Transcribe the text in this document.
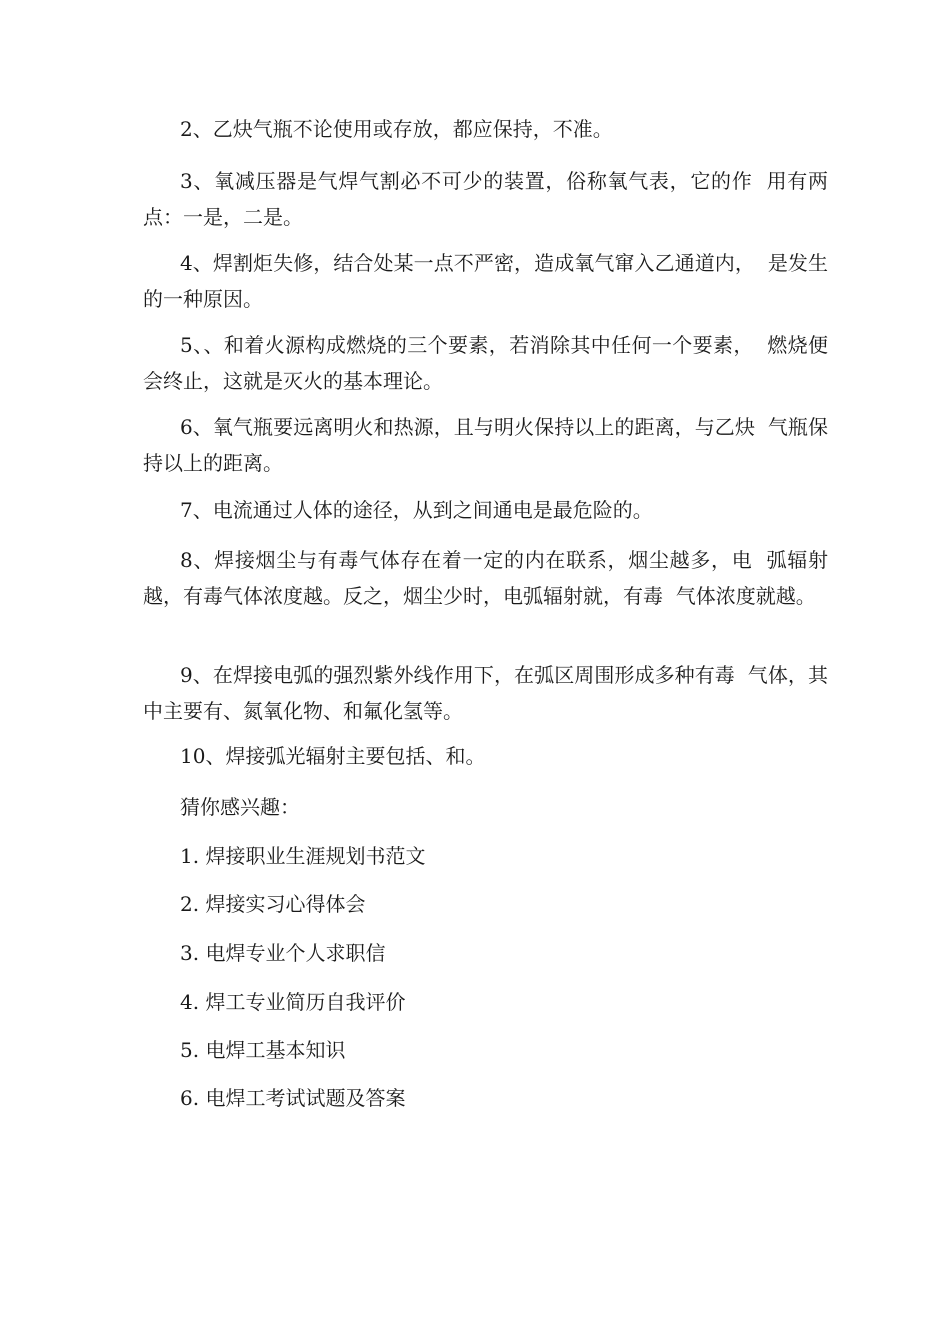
2、乙炔气瓶不论使用或存放，都应保持，不准。

3、氧减压器是气焊气割必不可少的装置，俗称氧气表，它的作  用有两点：一是，二是。

4、焊割炬失修，结合处某一点不严密，造成氧气窜入乙通道内，  是发生的一种原因。

5、、和着火源构成燃烧的三个要素，若消除其中任何一个要素，  燃烧便会终止，这就是灭火的基本理论。

6、氧气瓶要远离明火和热源，且与明火保持以上的距离，与乙炔  气瓶保持以上的距离。

7、电流通过人体的途径，从到之间通电是最危险的。

8、焊接烟尘与有毒气体存在着一定的内在联系，烟尘越多，电  弧辐射越，有毒气体浓度越。反之，烟尘少时，电弧辐射就，有毒  气体浓度就越。

9、在焊接电弧的强烈紫外线作用下，在弧区周围形成多种有毒  气体，其中主要有、氮氧化物、和氟化氢等。

10、焊接弧光辐射主要包括、和。

猜你感兴趣：

1. 焊接职业生涯规划书范文

2. 焊接实习心得体会

3. 电焊专业个人求职信

4. 焊工专业简历自我评价

5. 电焊工基本知识

6. 电焊工考试试题及答案
